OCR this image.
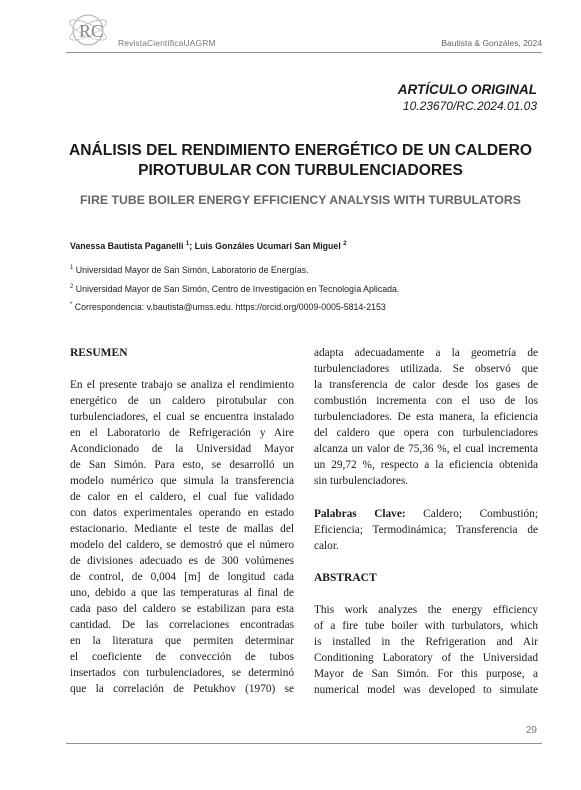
RC
RevistaCientíficaUAGRM	Bautista & Gonzáles, 2024
ARTÍCULO ORIGINAL
10.23670/RC.2024.01.03
ANÁLISIS DEL RENDIMIENTO ENERGÉTICO DE UN CALDERO
PIROTUBULAR CON TURBULENCIADORES
FIRE TUBE BOILER ENERGY EFFICIENCY ANALYSIS WITH TURBULATORS
Vanessa Bautista Paganelli $^1$; Luis Gonzáles Ucumari San Miguel $^2$
$^1$ Universidad Mayor de San Simón, Laboratorio de Energías.
$^2$ Universidad Mayor de San Simón, Centro de Investigación en Tecnología Aplicada.
* Correspondencia: v.bautista@umss.edu. https://orcid.org/0009-0005-5814-2153

RESUMEN

En el presente trabajo se analiza el rendimiento
energético de un caldero pirotubular con
turbulenciadores, el cual se encuentra instalado
en el Laboratorio de Refrigeración y Aire
Acondicionado de la Universidad Mayor
de San Simón. Para esto, se desarrolló un
modelo numérico que simula la transferencia
de calor en el caldero, el cual fue validado
con datos experimentales operando en estado
estacionario. Mediante el teste de mallas del
modelo del caldero, se demostró que el número
de divisiones adecuado es de 300 volúmenes
de control, de 0,004 [m] de longitud cada
uno, debido a que las temperaturas al final de
cada paso del caldero se estabilizan para esta
cantidad. De las correlaciones encontradas
en la literatura que permiten determinar
el coeficiente de convección de tubos
insertados con turbulenciadores, se determinó
que la correlación de Petukhov (1970) se
adapta adecuadamente a la geometría de
turbulenciadores utilizada. Se observó que
la transferencia de calor desde los gases de
combustión incrementa con el uso de los
turbulenciadores. De esta manera, la eficiencia
del caldero que opera con turbulenciadores
alcanza un valor de 75,36 %, el cual incrementa
un 29,72 %, respecto a la eficiencia obtenida
sin turbulenciadores.
Palabras Clave: Caldero; Combustión;
Eficiencia; Termodinámica; Transferencia de
calor.

ABSTRACT

This work analyzes the energy efficiency
of a fire tube boiler with turbulators, which
is installed in the Refrigeration and Air
Conditioning Laboratory of the Universidad
Mayor de San Simón. For this purpose, a
numerical model was developed to simulate
29
